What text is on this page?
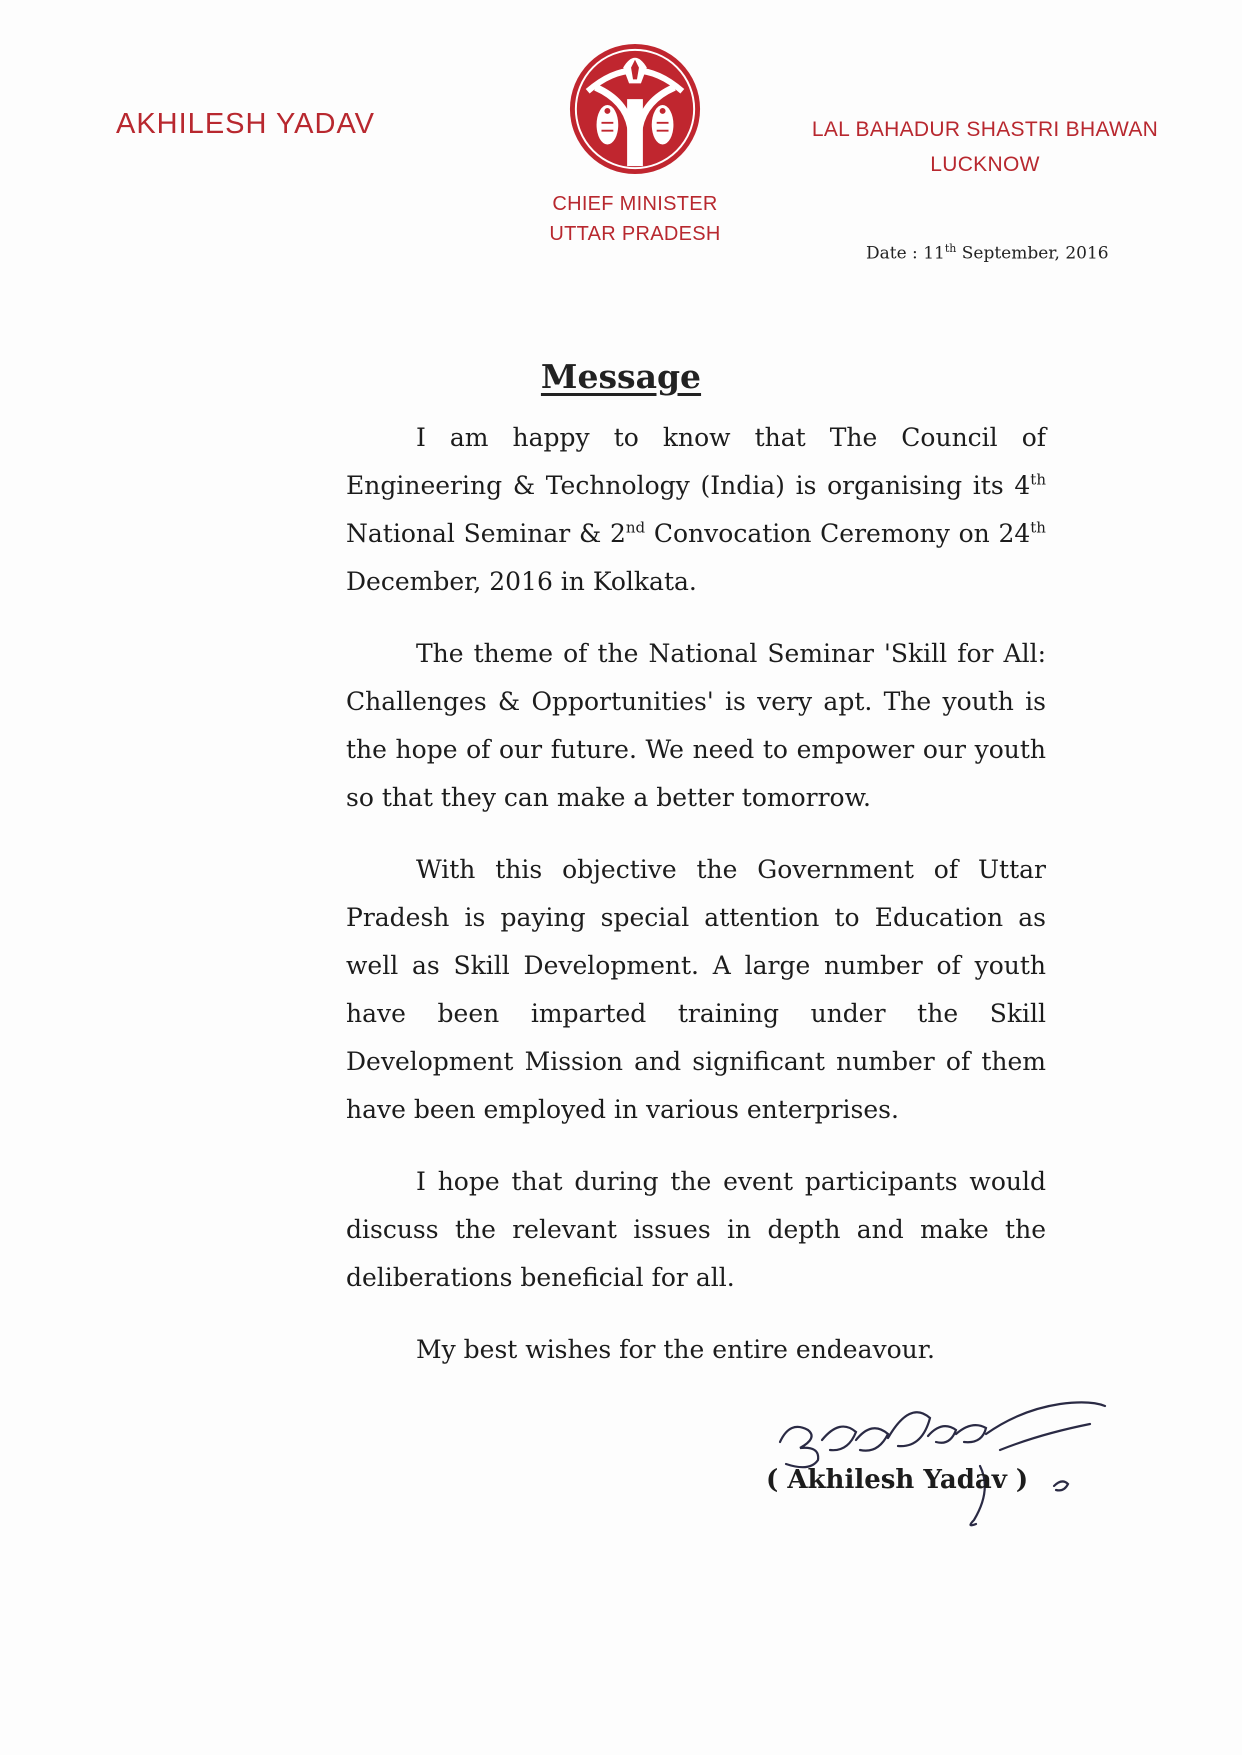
AKHILESH YADAV
CHIEF MINISTER
UTTAR PRADESH
LAL BAHADUR SHASTRI BHAWAN
LUCKNOW
Date : 11th September, 2016
Message

I am happy to know that The Council of Engineering & Technology (India) is organising its 4th National Seminar & 2nd Convocation Ceremony on 24th December, 2016 in Kolkata.

The theme of the National Seminar 'Skill for All: Challenges & Opportunities' is very apt. The youth is the hope of our future. We need to empower our youth so that they can make a better tomorrow.

With this objective the Government of Uttar Pradesh is paying special attention to Education as well as Skill Development. A large number of youth have been imparted training under the Skill Development Mission and significant number of them have been employed in various enterprises.

I hope that during the event participants would discuss the relevant issues in depth and make the deliberations beneficial for all.

My best wishes for the entire endeavour.

( Akhilesh Yadav )
